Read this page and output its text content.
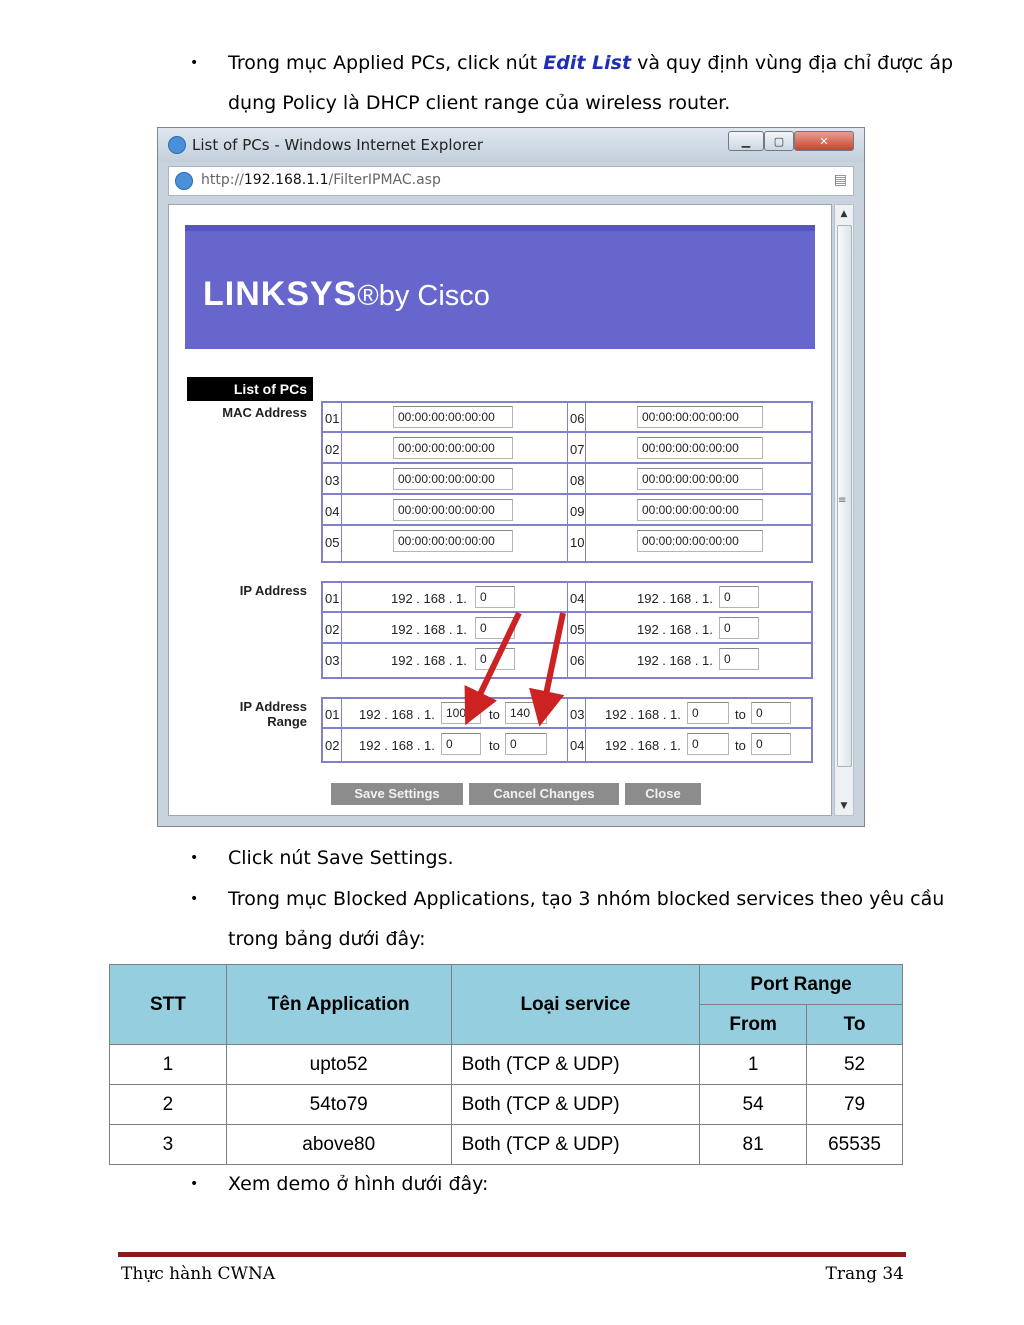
• Trong mục Applied PCs, click nút Edit List và quy định vùng địa chỉ được áp
dụng Policy là DHCP client range của wireless router.
List of PCs - Windows Internet Explorer	▁	▢	✕
http://192.168.1.1/FilterIPMAC.asp	▤
LINKSYS®by Cisco
List of PCs
MAC Address 01	00:00:00:00:00:00	06	00:00:00:00:00:00
02	00:00:00:00:00:00	07	00:00:00:00:00:00
03	00:00:00:00:00:00	08	00:00:00:00:00:00
04	00:00:00:00:00:00	09	00:00:00:00:00:00
05	00:00:00:00:00:00	10	00:00:00:00:00:00
IP Address
01	192 . 168 . 1.	0	04	192 . 168 . 1. 0
02	192 . 168 . 1.	0	05	192 . 168 . 1. 0
03	192 . 168 . 1.	0	06	192 . 168 . 1. 0
IP Address
Range 01 192 . 168 . 1. 100	to 140	03 192 . 168 . 1. 0	to 0
02 192 . 168 . 1. 0	to 0	04 192 . 168 . 1. 0	to 0
Save Settings	Cancel Changes	Close
▲
≡
▼
• Click nút Save Settings.
• Trong mục Blocked Applications, tạo 3 nhóm blocked services theo yêu cầu
trong bảng dưới đây:
STT	Tên Application	Loại service	Port Range	
			From	To
1	upto52	Both (TCP & UDP)	1	52
2	54to79	Both (TCP & UDP)	54	79
3	above80	Both (TCP & UDP)	81	65535
• Xem demo ở hình dưới đây:
Thực hành CWNA	Trang 34
